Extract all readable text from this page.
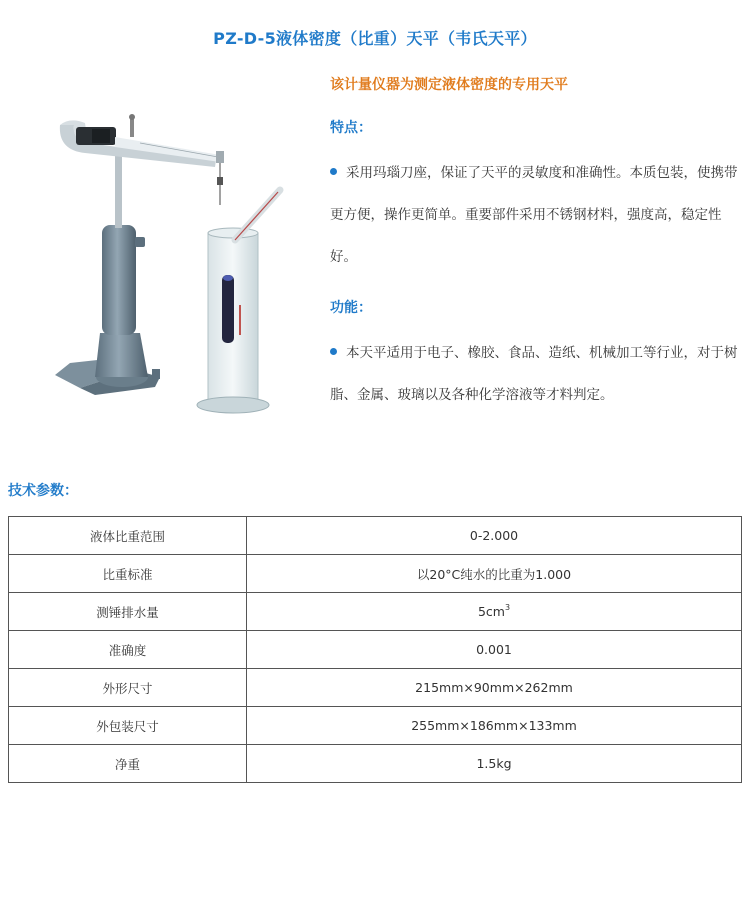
PZ-D-5液体密度（比重）天平（韦氏天平）
该计量仪器为测定液体密度的专用天平
特点：
采用玛瑙刀座，保证了天平的灵敏度和准确性。本质包装，使携带更方便，操作更简单。重要部件采用不锈钢材料，强度高，稳定性好。
功能：
本天平适用于电子、橡胶、食品、造纸、机械加工等行业，对于树脂、金属、玻璃以及各种化学溶液等才料判定。
技术参数：
液体比重范围	0-2.000
比重标准	以20°C纯水的比重为1.000
测锤排水量	$5cm^3$
准确度	0.001
外形尺寸	215mm×90mm×262mm
外包装尺寸	255mm×186mm×133mm
净重	1.5kg
